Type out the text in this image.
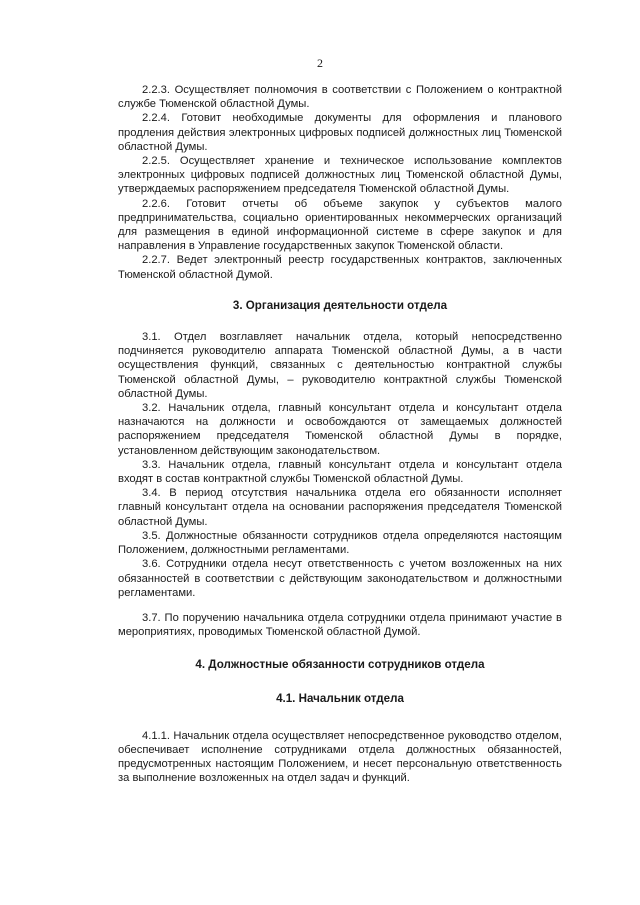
2

2.2.3. Осуществляет полномочия в соответствии с Положением о контрактной службе Тюменской областной Думы.

2.2.4. Готовит необходимые документы для оформления и планового продления действия электронных цифровых подписей должностных лиц Тюменской областной Думы.

2.2.5. Осуществляет хранение и техническое использование комплектов электронных цифровых подписей должностных лиц Тюменской областной Думы, утверждаемых распоряжением председателя Тюменской областной Думы.

2.2.6. Готовит отчеты об объеме закупок у субъектов малого предпринимательства, социально ориентированных некоммерческих организаций для размещения в единой информационной системе в сфере закупок и для направления в Управление государственных закупок Тюменской области.

2.2.7. Ведет электронный реестр государственных контрактов, заключенных Тюменской областной Думой.

3. Организация деятельности отдела

3.1. Отдел возглавляет начальник отдела, который непосредственно подчиняется руководителю аппарата Тюменской областной Думы, а в части осуществления функций, связанных с деятельностью контрактной службы Тюменской областной Думы, – руководителю контрактной службы Тюменской областной Думы.

3.2. Начальник отдела, главный консультант отдела и консультант отдела назначаются на должности и освобождаются от замещаемых должностей распоряжением председателя Тюменской областной Думы в порядке, установленном действующим законодательством.

3.3. Начальник отдела, главный консультант отдела и консультант отдела входят в состав контрактной службы Тюменской областной Думы.

3.4. В период отсутствия начальника отдела его обязанности исполняет главный консультант отдела на основании распоряжения председателя Тюменской областной Думы.

3.5. Должностные обязанности сотрудников отдела определяются настоящим Положением, должностными регламентами.

3.6. Сотрудники отдела несут ответственность с учетом возложенных на них обязанностей в соответствии с действующим законодательством и должностными регламентами.

3.7. По поручению начальника отдела сотрудники отдела принимают участие в мероприятиях, проводимых Тюменской областной Думой.

4. Должностные обязанности сотрудников отдела

4.1. Начальник отдела

4.1.1. Начальник отдела осуществляет непосредственное руководство отделом, обеспечивает исполнение сотрудниками отдела должностных обязанностей, предусмотренных настоящим Положением, и несет персональную ответственность за выполнение возложенных на отдел задач и функций.
